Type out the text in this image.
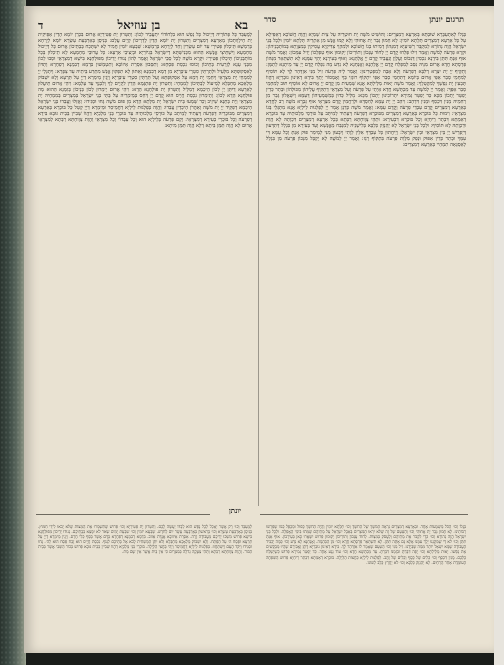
תרגום יונתן
סדר
בא
בן עוזיאל
ד
בְּגָלוֹ לְאִתְעַבָּרָא שׁוּבְתָּא בְּאַרְעָא דְמִצְרַיִם: וְהוּשִׁיט מֹשֶׁה יָת חוּטְרֵיהּ עַל צֵית שְׁמַיָּא וַהֲוָה חֲשׁוֹכָא דְאַפֵּילָא עַל כָּל אַרְעָא דְמִצְרַיִם תְּלָתָא יוֹמִין: לָא חָמוּן גְּבַר יָת אֲחוּהִי וְלָא קָמוּ אֱנָשׁ מִן אַתְרֵיהּ תְּלָתָא יוֹמִין וּלְכָל בְּנֵי יִשְׂרָאֵל הֲוָה נְהוֹרָא לְמִקְבַּר רַשִׁיעַיָּא דְמִנְּהוֹן דְמִיתוּ בְגוֹ חֲשׁוֹכָא וּלְמִהְוֵי צַדִּיקַיָּא עֲסִיקִין בְּמִצְוָתָא בְּמוֹתְבָנֵיהוֹן: וּקְרָא פַרְעֹה לְמֹשֶׁה וַאֲמַר זִילוּ פְּלַחוּ קֳדָם יְיָ לְחוֹד עָנְכוֹן וְתוֹרֵיכוֹן יְקוּמוּן אוּף טַפְלְכוֹן יֵזִיל עִמְּכוֹן: וַאֲמַר מֹשֶׁה אוּף אַנְתְּ תִּתֵּן בִּידָנָא נִכְסִין דְּנִכּוֹס וַעֲלָוָן וְנַעֲבֵיד קֳדָם יְיָ אֱלָהָנָא: וְאוּף בְּעִירָנָא יְהַךְ עִמָּנָא לָא תִשְׁתְּאַר מִנְּהוֹן פַּרְסָתָא חֲדָא אֲרוּם מִנֵּיהּ נִסַּב לְמִפְלַח קֳדָם יְיָ אֱלָהָנָא וַאֲנַחְנָא לָא נִדַּע מָה נִפְלַח קֳדָם יְיָ עַד מֵיתָנָא לְתַמָּן: וְתַקֵּיף יְיָ יָת יִצְרָא דְלִבָּא דְפַרְעֹה וְלָא אָבָה לְמִפְטְרִינוּן: וַאֲמַר לֵיהּ פַּרְעֹה זִיל מִנִּי אִזְדְּהַר לָךְ לָא תּוֹסִיף לְמִחְמֵי סְבַר אַפַּי אֲרוּם בְּיוֹמָא דְתִחְמֵי סְבַר אַפַּי יִתְקוֹף רוּגְזִי בָּךְ וְאֶמְסוֹר יָתָךְ בִּידָא דְאִינוּן גוּבְרַיָּא דְהֲווֹ תָּבְעִין יָת נַפְשָׁךְ לְמִקְטְלָךְ: וַאֲמַר מֹשֶׁה יָאוּת מַלֵּילְתָּא אֲנָא שְׁמַעִית מִן קֳדָם יְיָ אֲרוּם לָא אוֹסֵיף תּוּב לְמִחְמֵי סְבַר אַפָּךְ: וַאֲמַר יְיָ לְמֹשֶׁה עַד מַכְתָּשָׁא חֲדָא אַיְתֵי עַל פַּרְעֹה וְעַל מִצְרָאֵי דְתַקִּיף עֲלֵיהוֹן מִכּוּלְהוֹן וּבָתַר כְּדֵין יְפַטֵּר יָתְכוֹן מִכָּא כַּד יְפַטֵּר גְּמִירָא יִתְרוֹכִינוּן יָתְכוֹן מִכָּא: מַלֵּיל כְּדוּן בְּמַשְׁמְעֵיהוֹן דְּעַמָּא וְיִשְׁאֲלוּן גְּבַר מִן רְחִמֵיהּ מָנִין דִּכְסַף וּמָנִין דִּדְהַב: וִיהַב יְיָ יָת עַמָּא לְחִסְדָּא וּלְרַחֲמִין קֳדָם מִצְרָאֵי אוּף גַּבְרָא מֹשֶׁה רַב לַחֲדָא בְּאַרְעָא דְמִצְרַיִם קֳדָם עַבְדֵי פַרְעֹה וְקֳדָם עַמָּא: וַאֲמַר מֹשֶׁה כְּדְנָן אֲמַר יְיָ לְפַלְגוּת לֵילְיָא אֲנָא מִתְגְּלֵי בְּגוֹ מִצְרָאֵי: וִימוּת כָּל בּוּכְרָא בְּאַרְעָא דְמִצְרַיִם מִבּוּכְרָא דְפַרְעֹה דְּעָתִיד לְמִיתַּב עַל כּוּרְסֵי מַלְכוּתֵיהּ עַד בּוּכְרָא דְאַמְתָּא דִּבְתַר רֵיחְיָא וְכָל בּוּכְרָא דִבְעִירָא: וּתְהֵי צְוָוחְתָּא רַבְּתָא בְּכָל אַרְעָא דְמִצְרַיִם דִּכְוָתַהּ לָא הֲוַת וּדְכְוָתַהּ לָא תּוֹסִיף: וּלְכָל בְּנֵי יִשְׂרָאֵל לָא יְהַנְזֵק כַּלְבָּא בְּלִישָׁנֵיהּ לְמִנְבַּח מֵאֱנָשָׁא וְעַד בְּעִירָא מִן בִּגְלַל דְּתִדְּעוּן דְּיַפְרֵישׁ יְיָ בֵּין מִצְרָאֵי וּבֵין יִשְׂרָאֵל: וְיֵיחֲתוּן כָּל עַבְדָּךְ אִלֵּין לְוָתִי וְיִבְעוּן מִנִּי לְמֵימַר פּוּק אַנְתְּ וְכָל עַמָּא דִּי עִמָּךְ וּבָתַר כְּדֵין אִפּוּק וּנְפַק מִלְּוַת פַּרְעֹה בִּתְקוֹף רְגַז: וַאֲמַר יְיָ לְמֹשֶׁה לָא יְקַבֵּל מִנְּכוֹן פַּרְעֹה מִן בִּגְלַל לְאַסְגָּאָה תִמְהַיי בְּאַרְעָא דְמִצְרַיִם:
לְמֶעְבַּד כָּל פְּתוֹרֵיהּ דְּיֵיכוּל כָּל נְפַשׁ הוּא בִלְחוֹדוֹי יִתְעֲבֵיד לְכוֹן: וְתִטְּרוּן יָת פַּטִּירַיָּא אֲרוּם בִּכְרַן יוֹמָא הָדֵין אַפֵּיקִית יָת חֵילְוָותְכוֹן מֵאַרְעָא דְמִצְרַיִם וְתִטְּרוּן יָת יוֹמָא הָדֵין לְדָרֵיכוֹן קְיָים עֲלָם: בְּנִיסָן בְּאַרְבְּעַת עַשְׂרָא יוֹמָא לְיַרְחָא בְּרַמְשָׁא תֵּיכְלוּן פַּטִּירֵי עַד יוֹם עַשְׂרִין וְחַד לְיַרְחָא בְּרַמְשָׁא: שַׁבְעָא יוֹמִין חֲמִיר לָא יִשְׁתְּכַח בְּבָתֵּיכוֹן אֲרוּם כָּל דְּיֵיכוּל מַחְמְעָא וְיִשְׁתֵּיצֵי אֱנָשָׁא הַהוּא מִכְּנִישְׁתָּא דְיִשְׂרָאֵל בְּגִיּוֹרַיָּא וּבְיַצִּיבֵי אַרְעָא: כָּל עֲרוּבֵי מַחְמְעָא לָא תֵיכְלוּן בְּכָל מוֹתְבָנֵיכוֹן תֵּיכְלוּן פַּטִּירֵי: וּקְרָא מֹשֶׁה לְכָל סָבֵי יִשְׂרָאֵל וַאֲמַר לְהוֹן נְגוּדוּ יְדֵיכוֹן מִפּוּלְחָנָא בִּישָׁא דְמִצְרָאֵי וּסְבוּ לְכוֹן מִבְּנֵי עָנָא לְזַרְעִית בָּתֵּיכוֹן וְכוּסוּ נִכְסַת פִּסְחָא: וְתִסְּבוּן אִסְרַת אֵיזוֹבָא וְתִטְמְשׁוּן בִּדְמָא דְבִמָנָא דְפַחָרָא וְתַדּוֹן לְאִסְקוּפְתָּא מִלְּעֵיל וּלְתַרְתֵּין סִטְרֵי עִיבָּרַיָּא מִן דְמָא דְבִמָנָא וְאַתּוּן לָא תִפְקוּן אֱנַשׁ מִתְּרַע בֵּיתֵיהּ עַד צַפְרָא: וְיִתְגְּלֵי יְיָ לְמִמְחֵי יָת מִצְרָאֵי וְיִחְמֵי יָת דְּמָא עַל אִסְקוּפְתָּא וְעַל תַּרְתֵּין סִטְרֵי עִיבָּרַיָּא וְיָגֵין מֵימְרָא דַיְיָ עַל תַּרְעָא וְלָא יִשְׁבּוֹק מַלְאָכָא מְחַבְּלָא לְמֵיעוֹל לְבָתֵּיכוֹן לְמִמְחֵי: וְתִטְּרוּן יָת פִּתְגָּמָא הָדֵין לִקְיָים לָךְ וְלִבְנָךְ עַד עָלְמָא: וִיהֵי אֲרוּם תֵּיעֲלוּן לְאַרְעָא דְיִתֵּן יְיָ לְכוֹן הֵיכְמָא דְמַלֵּיל וְתִטְּרוּן יָת פּוּלְחָנָא הָדָא: וִיהֵי אֲרוּם יֵימְרוּן לְכוֹן בְּנֵיכוֹן בְּזִמְנָא הַהוּא מָה פּוּלְחָנָא הָדָא לְכוֹן: וְתֵימְרוּן נִכְסַת חֲיָיס הוּא קֳדָם יְיָ דְּחַס בְּמֵימְרֵיהּ עַל בָּתֵּי בְנֵי יִשְׂרָאֵל בְּמִצְרַיִם בְּמִמְחֵיהּ יָת מִצְרָאֵי וְיָת בָּתָּנָא שֵׁיזֵיב וְכַד שָׁמְעוּ בֵּית יִשְׂרָאֵל יָת מִלְּתָא הָדָא מִן פּוּם מֹשֶׁה גָּחוּ וּסְגִידוּ: וַאֲזַלוּ וַעֲבַדוּ בְּנֵי יִשְׂרָאֵל הֵיכְמָא דְפַקֵּיד יְיָ יָת מֹשֶׁה וְאַהֲרֹן הֵיכְדֵין עֲבַדוּ: וַהֲוָה בְּפַלְגוּת לֵילְיָא דַחֲמֵיסַר וּמֵימְרָא דַיְיָ קָטַל כָּל בּוּכְרָא בְּאַרְעָא דְמִצְרַיִם מִבּוּכְרֵיהּ דְּפַרְעֹה דְּעָתִיד לְמֵיתַב עַל כּוּרְסֵי מַלְכוּתֵיהּ עַד בּוּכְרֵי בְּנֵי מַלְכַיָּא דַהֲווֹ שְׁבִיין בְּבֵית גּוּבָא בִּידָא דְפַרְעֹה וְכָל בּוּכְרֵי בְעִירָא דְמִצְרָאֵי: וְקָם פַּרְעֹה בְּלֵילְיָא הוּא וְכָל עַבְדוֹי וְכָל מִצְרָאֵי וַהֲוַת צְוָוחְתָּא רַבְּתָא לְמִצְרָאֵי אֲרוּם לָא הֲוָה תַּמָּן בֵּיתָא דְלָא הֲוָה תַּמָּן מִיתָא:
יונתן
בְּגָלוֹ וְכוּ׳ הַכֹּל מַשְׁמָעוֹת אֶחָד. וּבְאַרְעָא דְמִצְרַיִם נִרְאֶה הַמֹּשֶׁךְ שֶׁל הַחֹשֶׁךְ וְכוּ׳ תְּלָתָא יוֹמִין וְהָיָה הַחֹשֶׁךְ כָּפוּל וּמְכֻפָּל כְּמוֹ שֶׁפֵּרְשׁוּ רַבּוֹתֵינוּ. לָא חָמוּן גְּבַר יָת אֲחוּהִי וְכוּ׳ וְהַטַּעַם שֶׁל זֶה שֶׁלֹּא יִרְאוּ הַמִּצְרִים בְּאֵבֶל יִשְׂרָאֵל עַל מֵתֵיהֶם שֶׁמֵּתוּ בִּימֵי הָאֲפֵלָה. וּלְכָל בְּנֵי יִשְׂרָאֵל הֲוָה נְהוֹרָא וְכוּ׳ כְּדֵי לִקְבֹּר אֶת מֵתֵיהֶם וְלַעֲסֹק בְּמִצְוֹת. לְחוֹד עָנְכוֹן וְתוֹרֵיכוֹן יְקוּמוּן פֵּרוּשׁ יִשָּׁאֲרוּ כָּאן בְּעֵירָבוֹן. אוּף אַנְתְּ תִּתֵּן וְכוּ׳ לֹא דַּי שֶׁמִּקְנֵנוּ יֵלֵךְ עִמָּנוּ אֶלָּא גַּם אַתָּה תִּתֵּן. לָא תִשְׁתְּאַר פַּרְסָתָא חֲדָא וְכוּ׳ מִן הַבְּהֵמָה. וַאֲנַחְנָא לָא נִדַּע וְכוּ׳ כַּמָּה יַכְבִּיד הָעֲבוֹדָה שֶׁמָּא יִשְׁאַל יוֹתֵר מִמַּה שֶּׁבְּיָדֵנוּ. זִיל מִנִּי וְכוּ׳ הַטַּעַם שֶׁאָמַר לוֹ אִזְדְּהַר לָךְ. בִּידָא דְאִינוּן גוּבְרַיָּא דָּתָן וַאֲבִירָם שֶׁהָיוּ מְבַקְּשִׁים אֶת נַפְשׁוֹ. יָאוּת מַלֵּילְתָּא וְכוּ׳ יָפֶה דִּבַּרְתָּ וּבִזְמַנּוֹ דִּבַּרְתָּ. עַד מַכְתָּשָׁא חֲדָא וְכוּ׳ עוֹד נֶגַע אֶחָד. כַּד יְפַטֵּר גְּמִירָא פֵּרוּשׁ כְּשֶׁיְּשַׁלַּח כֻּלְּכֶם. מָנִין דִּכְסַף וְכוּ׳ כֵּלִים שֶׁל כֶּסֶף וְכֵלִים שֶׁל זָהָב. לְפַלְגוּת לֵילְיָא כַּחֲצוֹת הַלַּיְלָה. בּוּכְרָא דְאַמְתָּא דִּבְתַר רֵיחְיָא פֵּרוּשׁ הַשִּׁפְחָה הָעוֹמֶדֶת אַחַר הָרֵחַיִם. לָא יְהַנְזֵק כַּלְבָּא וְכוּ׳ לֹא יֶחֱרַץ כֶּלֶב לְשׁוֹנוֹ.
לְמֶעְבַּד וְכוּ׳ רַק אֲשֶׁר יֵאָכֵל לְכָל נֶפֶשׁ הוּא לְבַדּוֹ יֵעָשֶׂה לָכֶם. וְתִטְּרוּן יָת פַּטִּירַיָּא וְכוּ׳ פֵּרוּשׁ שֶׁתִּשְׁמְרוּ אֶת הַמַּצּוֹת שֶׁלֹּא יָבֹאוּ לִידֵי חִמּוּץ. בְּנִיסָן בְּאַרְבְּעַת עַשְׂרָא וְכוּ׳ בָּרִאשׁוֹן בְּאַרְבָּעָה עָשָׂר יוֹם לַחֹדֶשׁ. שַׁבְעָא יוֹמִין וְכוּ׳ שִׁבְעַת יָמִים שְׂאֹר לֹא יִמָּצֵא בְּבָתֵּיכֶם. נְגוּדוּ יְדֵיכוֹן מִפּוּלְחָנָא בִּישָׁא פֵּרוּשׁ מִשְׁכוּ יְדֵיכֶם מֵעֲבוֹדָה זָרָה. אִסְרַת אֵיזוֹבָא אֲגֻדַּת אֵזוֹב. בִּדְמָא דְבִמָנָא דְפַחָרָא בַּדָּם אֲשֶׁר בַּסַּף כְּלִי חֶרֶס. וְיָגֵין מֵימְרָא דַיְיָ עַל תַּרְעָא וּפָסַח ה׳ עַל הַפֶּתַח. וְלָא יִשְׁבּוֹק מַלְאָכָא מְחַבְּלָא וְלֹא יִתֵּן הַמַּשְׁחִית לָבֹא אֶל בָּתֵּיכֶם לִנְגֹּף. נִכְסַת חֲיָיס הוּא זֶבַח פֶּסַח הוּא לַה׳. גָּחוּ וּסְגִידוּ וַיִּקֹּד הָעָם וַיִּשְׁתַּחֲווּ. בְּפַלְגוּת לֵילְיָא דַחֲמֵיסַר וַיְהִי בַּחֲצִי הַלַּיְלָה. בּוּכְרֵי בְּנֵי מַלְכַיָּא דַהֲווֹ שְׁבִיין בְּבֵית גּוּבָא פֵּרוּשׁ בְּכוֹר הַשְּׁבִי אֲשֶׁר בְּבֵית הַבּוֹר. וַהֲוַת צְוָוחְתָּא רַבְּתָא וַתְּהִי צְעָקָה גְדֹלָה בְּמִצְרַיִם כִּי אֵין בַּיִת אֲשֶׁר אֵין שָׁם מֵת.
